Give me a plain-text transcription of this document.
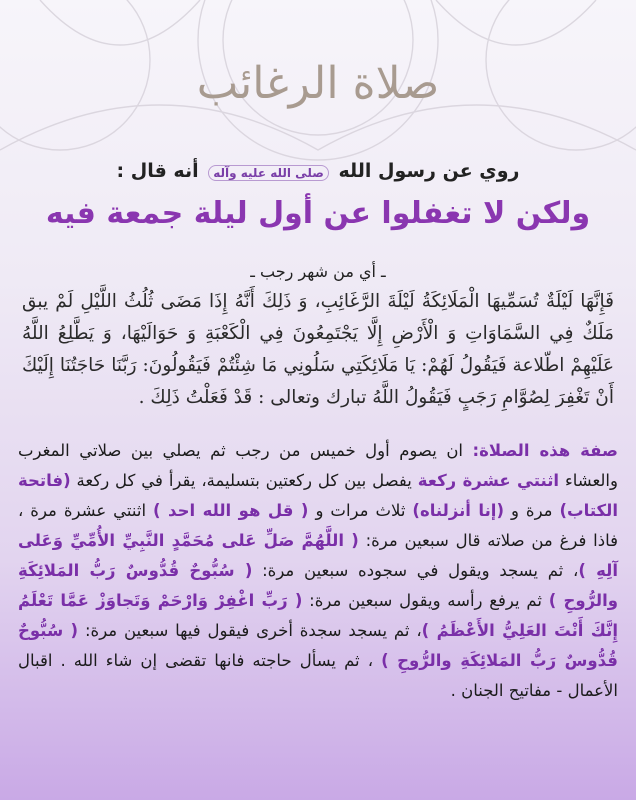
صلاة الرغائب
روي عن رسول الله صلى الله عليه وآله أنه قال :
ولكن لا تغفلوا عن أول ليلة جمعة فيه
ـ أي من شهر رجب ـ
فَإِنَّهَا لَيْلَةٌ تُسَمِّيهَا الْمَلَائِكَةُ لَيْلَةَ الرَّغَائِبِ، وَ ذَلِكَ أَنَّهُ إِذَا مَضَى ثُلُثُ اللَّيْلِ لَمْ يبق مَلَكٌ فِي السَّمَاوَاتِ وَ الْأَرْضِ إِلَّا يَجْتَمِعُونَ فِي الْكَعْبَةِ وَ حَوَالَيْهَا، وَ يَطَّلِعُ اللَّهُ عَلَيْهِمْ اطّلاعة فَيَقُولُ لَهُمْ: يَا مَلَائِكَتِي سَلُونِي مَا شِئْتُمْ فَيَقُولُونَ: رَبَّنَا حَاجَتُنَا إِلَيْكَ أَنْ تَغْفِرَ لِصُوَّامِ رَجَبٍ فَيَقُولُ اللَّهُ تبارك وتعالى : قَدْ فَعَلْتُ ذَلِكَ .
صفة هذه الصلاة: ان يصوم أول خميس من رجب ثم يصلي بين صلاتي المغرب والعشاء اثنتي عشرة ركعة يفصل بين كل ركعتين بتسليمة، يقرأ في كل ركعة (فاتحة الكتاب) مرة و (إنا أنزلناه) ثلاث مرات و ( قل هو الله احد ) اثنتي عشرة مرة ، فاذا فرغ من صلاته قال سبعين مرة: ( اللَّهُمَّ صَلِّ عَلى مُحَمَّدٍ النَّبِيِّ الأُمِّيِّ وَعَلى آلِهِ )، ثم يسجد ويقول في سجوده سبعين مرة: ( سُبُّوحٌ قُدُّوسٌ رَبُّ المَلائِكَةِ والرُّوحِ ) ثم يرفع رأسه ويقول سبعين مرة: ( رَبِّ اغْفِرْ وَارْحَمْ وَتَجاوَزْ عَمَّا تَعْلَمُ إِنَّكَ أَنْتَ العَلِيُّ الأَعْظَمُ )، ثم يسجد سجدة أخرى فيقول فيها سبعين مرة: ( سُبُّوحٌ قُدُّوسٌ رَبُّ المَلائِكَةِ والرُّوحِ ) ، ثم يسأل حاجته فانها تقضى إن شاء الله . اقبال الأعمال - مفاتيح الجنان .
